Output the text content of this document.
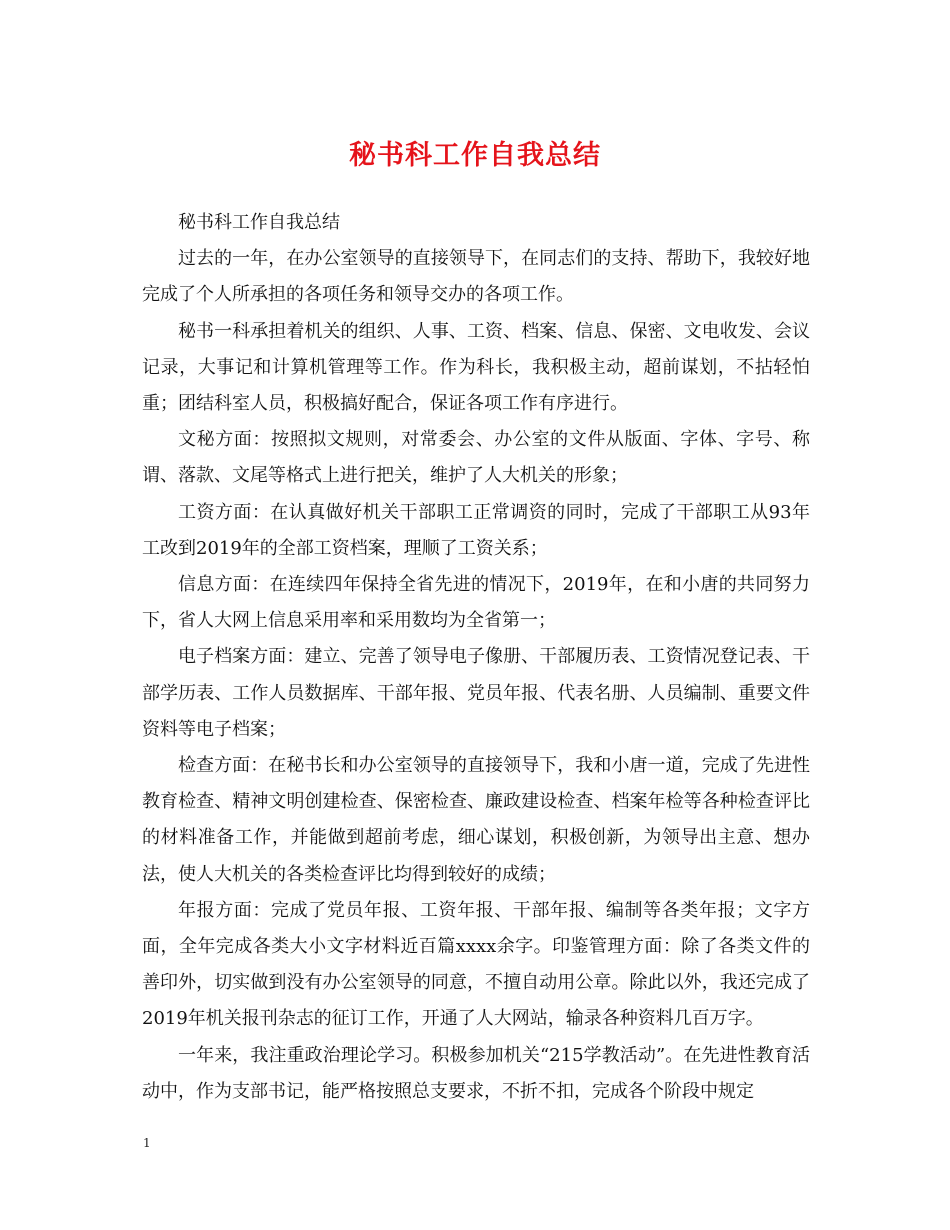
秘书科工作自我总结

秘书科工作自我总结

过去的一年，在办公室领导的直接领导下，在同志们的支持、帮助下，我较好地完成了个人所承担的各项任务和领导交办的各项工作。

秘书一科承担着机关的组织、人事、工资、档案、信息、保密、文电收发、会议记录，大事记和计算机管理等工作。作为科长，我积极主动，超前谋划，不拈轻怕重；团结科室人员，积极搞好配合，保证各项工作有序进行。

文秘方面：按照拟文规则，对常委会、办公室的文件从版面、字体、字号、称谓、落款、文尾等格式上进行把关，维护了人大机关的形象；

工资方面：在认真做好机关干部职工正常调资的同时，完成了干部职工从93年工改到2019年的全部工资档案，理顺了工资关系；

信息方面：在连续四年保持全省先进的情况下，2019年，在和小唐的共同努力下，省人大网上信息采用率和采用数均为全省第一；

电子档案方面：建立、完善了领导电子像册、干部履历表、工资情况登记表、干部学历表、工作人员数据库、干部年报、党员年报、代表名册、人员编制、重要文件资料等电子档案；

检查方面：在秘书长和办公室领导的直接领导下，我和小唐一道，完成了先进性教育检查、精神文明创建检查、保密检查、廉政建设检查、档案年检等各种检查评比的材料准备工作，并能做到超前考虑，细心谋划，积极创新，为领导出主意、想办法，使人大机关的各类检查评比均得到较好的成绩；

年报方面：完成了党员年报、工资年报、干部年报、编制等各类年报；文字方面，全年完成各类大小文字材料近百篇xxxx余字。印鉴管理方面：除了各类文件的善印外，切实做到没有办公室领导的同意，不擅自动用公章。除此以外，我还完成了2019年机关报刊杂志的征订工作，开通了人大网站，输录各种资料几百万字。

一年来，我注重政治理论学习。积极参加机关“215学教活动”。在先进性教育活动中，作为支部书记，能严格按照总支要求，不折不扣，完成各个阶段中规定

1
